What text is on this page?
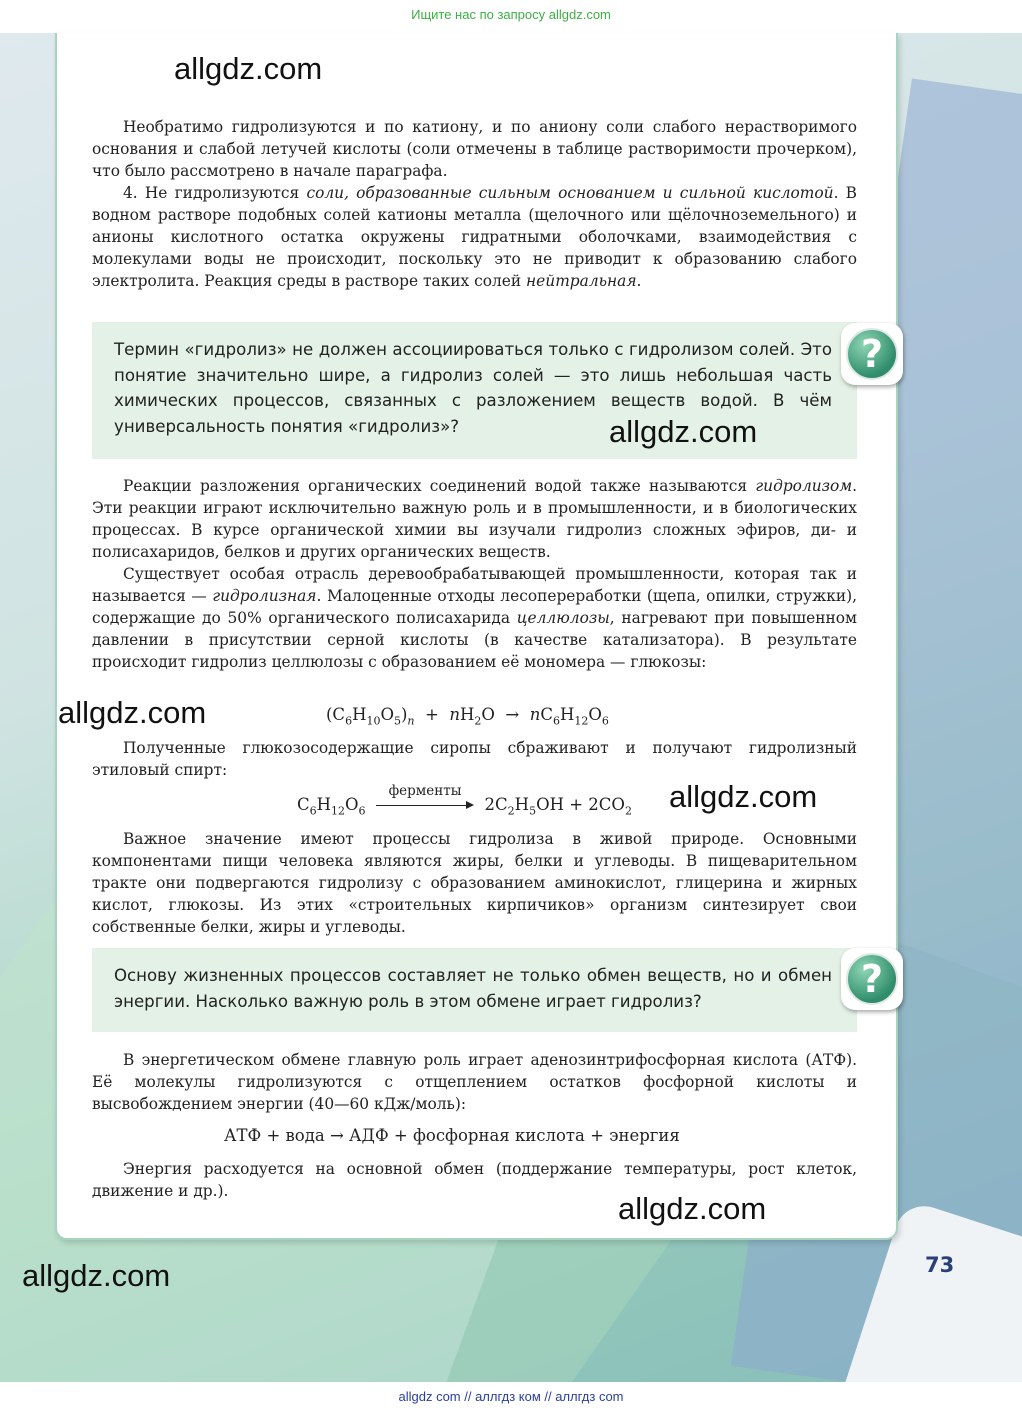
Ищите нас по запросу allgdz.com
allgdz.com

Необратимо гидролизуются и по катиону, и по аниону соли слабого нерастворимого основания и слабой летучей кислоты (соли отмечены в таблице растворимости прочерком), что было рассмотрено в начале параграфа.

4. Не гидролизуются соли, образованные сильным основанием и сильной кислотой. В водном растворе подобных солей катионы металла (щелочного или щёлочноземельного) и анионы кислотного остатка окружены гидратными оболочками, взаимодействия с молекулами воды не происходит, поскольку это не приводит к образованию слабого электролита. Реакция среды в растворе таких солей нейтральная.

Термин «гидролиз» не должен ассоциироваться только с гидролизом солей. Это понятие значительно шире, а гидролиз солей — это лишь небольшая часть химических процессов, связанных с разложением веществ водой. В чём универсальность понятия «гидролиз»?
?
allgdz.com

Реакции разложения органических соединений водой также называются гидролизом. Эти реакции играют исключительно важную роль и в промышленности, и в биологических процессах. В курсе органической химии вы изучали гидролиз сложных эфиров, ди- и полисахаридов, белков и других органических веществ.

Существует особая отрасль деревообрабатывающей промышленности, которая так и называется — гидролизная. Малоценные отходы лесопереработки (щепа, опилки, стружки), содержащие до 50% органического полисахарида целлюлозы, нагревают при повышенном давлении в присутствии серной кислоты (в качестве катализатора). В результате происходит гидролиз целлюлозы с образованием её мономера — глюкозы:

allgdz.com	$(C_6H_{10}O_5)_n + nH_2O \to nC_6H_{12}O_6$

Полученные глюкозосодержащие сиропы сбраживают и получают гидролизный этиловый спирт:

$C_6H_{12}O_6$
ферменты
$2C_2H_5OH + 2CO_2$ allgdz.com

Важное значение имеют процессы гидролиза в живой природе. Основными компонентами пищи человека являются жиры, белки и углеводы. В пищеварительном тракте они подвергаются гидролизу с образованием аминокислот, глицерина и жирных кислот, глюкозы. Из этих «строительных кирпичиков» организм синтезирует свои собственные белки, жиры и углеводы.

Основу жизненных процессов составляет не только обмен веществ, но и обмен энергии. Насколько важную роль в этом обмене играет гидролиз?	?

В энергетическом обмене главную роль играет аденозинтрифосфорная кислота (АТФ). Её молекулы гидролизуются с отщеплением остатков фосфорной кислоты и высвобождением энергии (40—60 кДж/моль):

АТФ + вода → АДФ + фосфорная кислота + энергия

Энергия расходуется на основной обмен (поддержание температуры, рост клеток, движение и др.).	allgdz.com
allgdz.com	73
allgdz com // аллгдз ком // аллгдз com
